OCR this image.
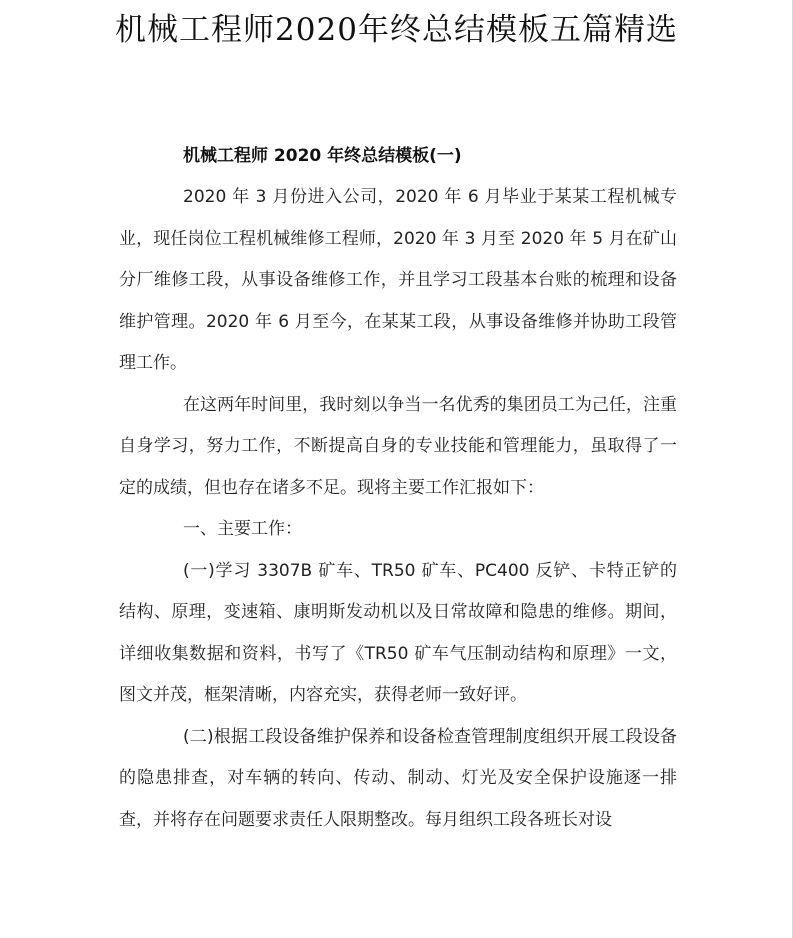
机械工程师2020年终总结模板五篇精选
机械工程师 2020 年终总结模板(一)

2020 年 3 月份进入公司，2020 年 6 月毕业于某某工程机械专业，现任岗位工程机械维修工程师，2020 年 3 月至 2020 年 5 月在矿山分厂维修工段，从事设备维修工作，并且学习工段基本台账的梳理和设备维护管理。2020 年 6 月至今，在某某工段，从事设备维修并协助工段管理工作。

在这两年时间里，我时刻以争当一名优秀的集团员工为己任，注重自身学习，努力工作，不断提高自身的专业技能和管理能力，虽取得了一定的成绩，但也存在诸多不足。现将主要工作汇报如下：

一、主要工作：

(一)学习 3307B 矿车、TR50 矿车、PC400 反铲、卡特正铲的结构、原理，变速箱、康明斯发动机以及日常故障和隐患的维修。期间，详细收集数据和资料，书写了《TR50 矿车气压制动结构和原理》一文，图文并茂，框架清晰，内容充实，获得老师一致好评。

(二)根据工段设备维护保养和设备检查管理制度组织开展工段设备的隐患排查，对车辆的转向、传动、制动、灯光及安全保护设施逐一排查，并将存在问题要求责任人限期整改。每月组织工段各班长对设
